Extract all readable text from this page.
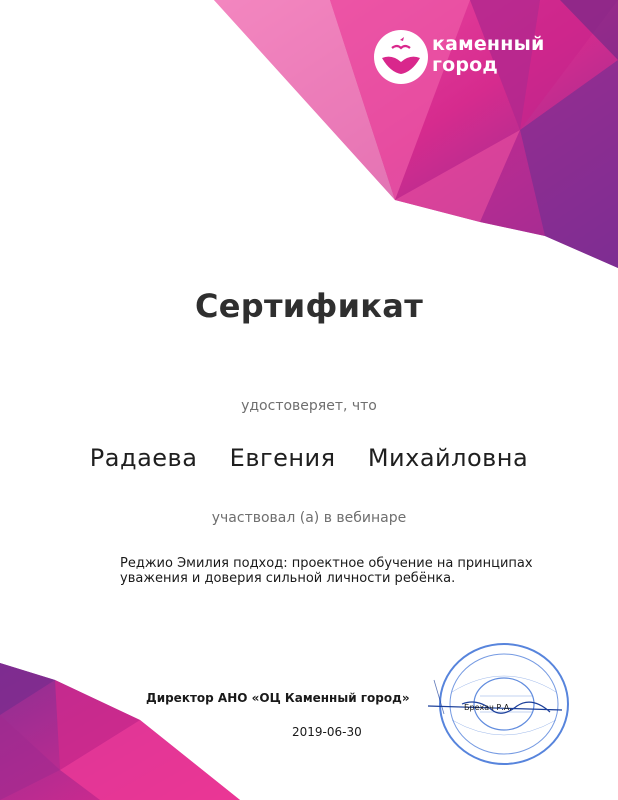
каменный
город
Сертификат
удостоверяет, что
Радаева  Евгения  Михайловна
участвовал (а) в вебинаре
Реджио Эмилия подход: проектное обучение на принципах
уважения и доверия сильной личности ребёнка.
Директор АНО «ОЦ Каменный город»
2019-06-30
Брехач Р.А.
